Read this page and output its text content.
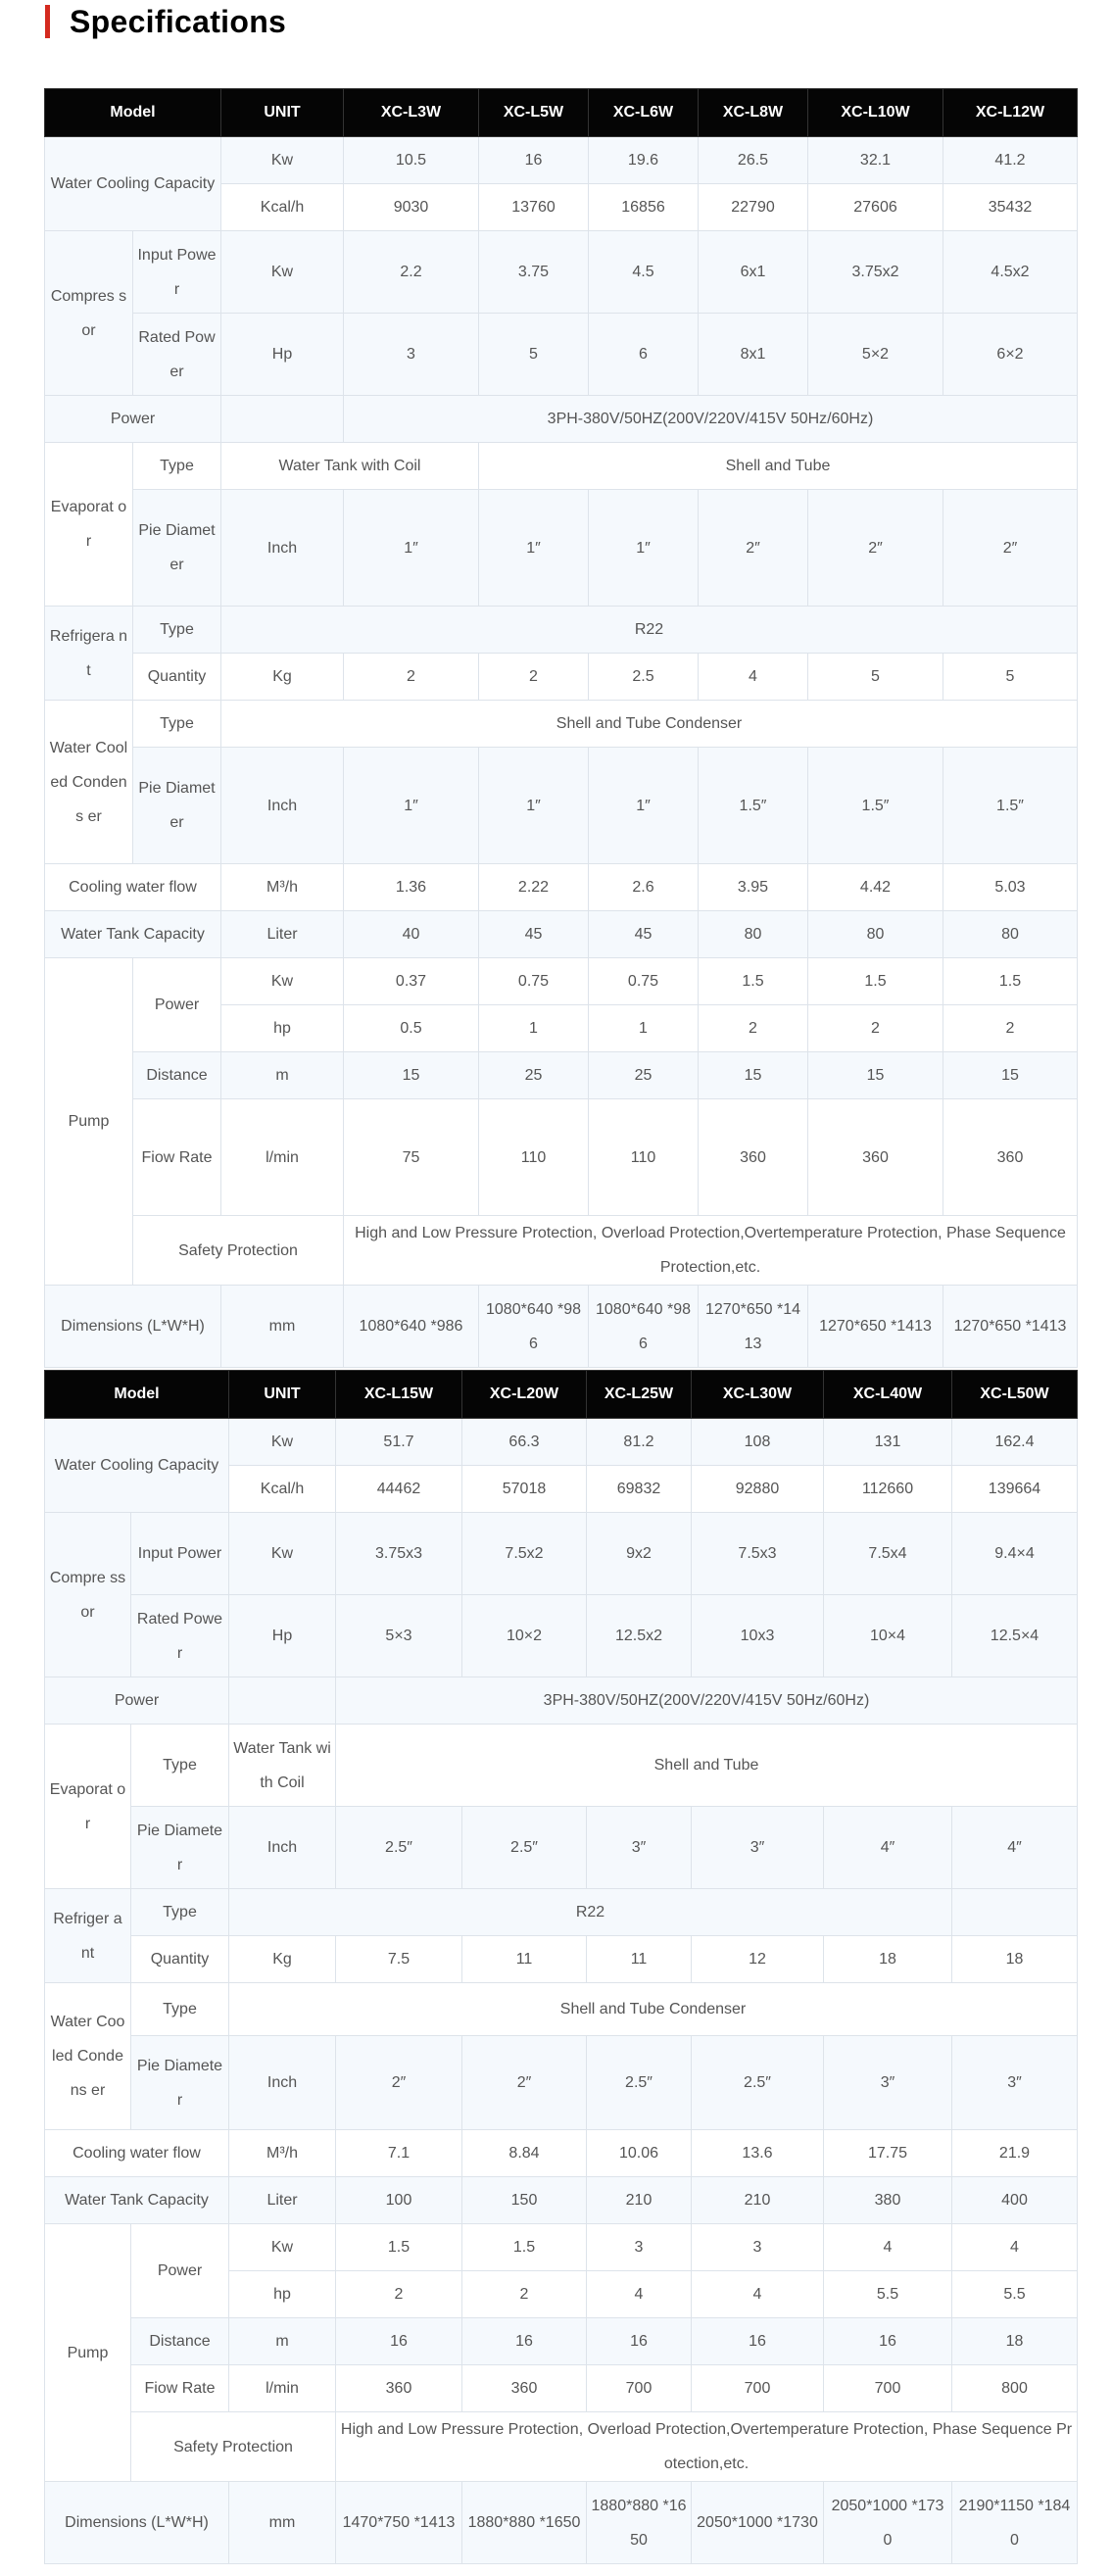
Specifications
Model		UNIT	XC-L3W	XC-L5W	XC-L6W	XC-L8W	XC-L10W	XC-L12W
Water Cooling Capacity		Kw	10.5	16	19.6	26.5	32.1	41.2
		Kcal/h	9030	13760	16856	22790	27606	35432
Compres sor	Input Power	Kw	2.2	3.75	4.5	6x1	3.75x2	4.5x2
	Rated Power	Hp	3	5	6	8x1	5×2	6×2
Power			3PH-380V/50HZ(200V/220V/415V 50Hz/60Hz)					
Evaporat or	Type	Water Tank with Coil		Shell and Tube				
	Pie Diameter	Inch	1″	1″	1″	2″	2″	2″
Refrigera nt	Type	R22						
	Quantity	Kg	2	2	2.5	4	5	5
Water Cooled Condens er	Type	Shell and Tube Condenser						
	Pie Diameter	Inch	1″	1″	1″	1.5″	1.5″	1.5″
Cooling water flow		M³/h	1.36	2.22	2.6	3.95	4.42	5.03
Water Tank Capacity		Liter	40	45	45	80	80	80
Pump	Power	Kw	0.37	0.75	0.75	1.5	1.5	1.5
		hp	0.5	1	1	2	2	2
	Distance	m	15	25	25	15	15	15
	Fiow Rate	l/min	75	110	110	360	360	360
	Safety Protection		High and Low Pressure Protection, Overload Protection,Overtemperature Protection, Phase Sequence Protection,etc.					
Dimensions (L*W*H)		mm	1080*640 *986	1080*640 *986	1080*640 *986	1270*650 *1413	1270*650 *1413	1270*650 *1413
Model		UNIT	XC-L15W	XC-L20W	XC-L25W	XC-L30W	XC-L40W	XC-L50W
Water Cooling Capacity		Kw	51.7	66.3	81.2	108	131	162.4
		Kcal/h	44462	57018	69832	92880	112660	139664
Compre ssor	Input Power	Kw	3.75x3	7.5x2	9x2	7.5x3	7.5x4	9.4×4
	Rated Power	Hp	5×3	10×2	12.5x2	10x3	10×4	12.5×4
Power			3PH-380V/50HZ(200V/220V/415V 50Hz/60Hz)					
Evaporat or	Type	Water Tank with Coil	Shell and Tube					
	Pie Diameter	Inch	2.5″	2.5″	3″	3″	4″	4″
Refriger ant	Type	R22						
	Quantity	Kg	7.5	11	11	12	18	18
Water Cooled Condens er	Type	Shell and Tube Condenser						
	Pie Diameter	Inch	2″	2″	2.5″	2.5″	3″	3″
Cooling water flow		M³/h	7.1	8.84	10.06	13.6	17.75	21.9
Water Tank Capacity		Liter	100	150	210	210	380	400
Pump	Power	Kw	1.5	1.5	3	3	4	4
		hp	2	2	4	4	5.5	5.5
	Distance	m	16	16	16	16	16	18
	Fiow Rate	l/min	360	360	700	700	700	800
	Safety Protection		High and Low Pressure Protection, Overload Protection,Overtemperature Protection, Phase Sequence Protection,etc.					
Dimensions (L*W*H)		mm	1470*750 *1413	1880*880 *1650	1880*880 *1650	2050*1000 *1730	2050*1000 *1730	2190*1150 *1840
